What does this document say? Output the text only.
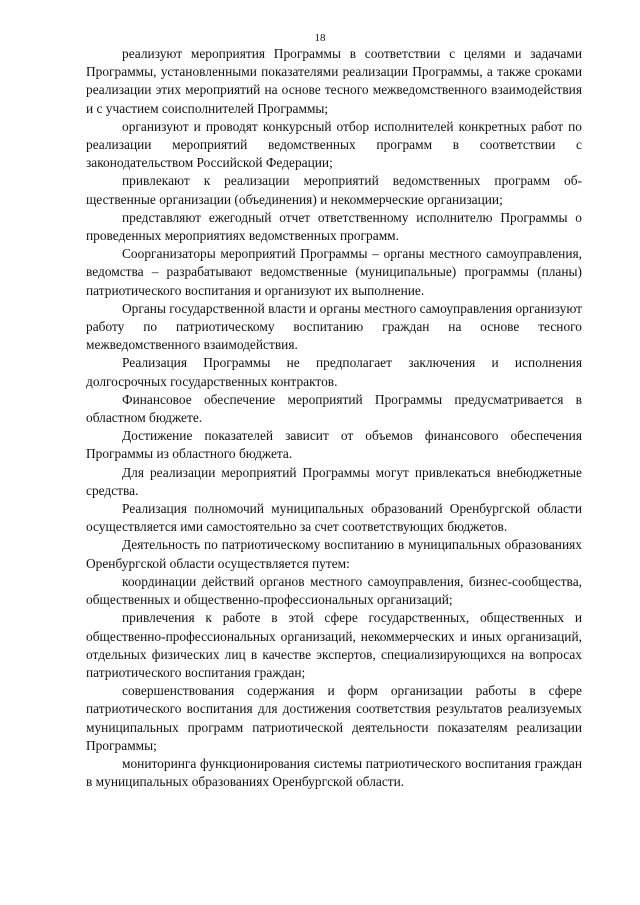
18

реализуют мероприятия Программы в соответствии с целями и задачами Программы, установленными показателями реализации Программы, а также сроками реализации этих мероприятий на основе тесного межведомственного взаимодействия и с участием соисполнителей Программы;

организуют и проводят конкурсный отбор исполнителей конкретных работ по реализации мероприятий ведомственных программ в соответствии с законодательством Российской Федерации;

привлекают к реализации мероприятий ведомственных программ общественные организации (объединения) и некоммерческие организации;

представляют ежегодный отчет ответственному исполнителю Программы о проведенных мероприятиях ведомственных программ.

Соорганизаторы мероприятий Программы – органы местного самоуправления, ведомства – разрабатывают ведомственные (муниципальные) программы (планы) патриотического воспитания и организуют их выполнение.

Органы государственной власти и органы местного самоуправления организуют работу по патриотическому воспитанию граждан на основе тесного межведомственного взаимодействия.

Реализация Программы не предполагает заключения и исполнения долгосрочных государственных контрактов.

Финансовое обеспечение мероприятий Программы предусматривается в областном бюджете.

Достижение показателей зависит от объемов финансового обеспечения Программы из областного бюджета.

Для реализации мероприятий Программы могут привлекаться внебюджетные средства.

Реализация полномочий муниципальных образований Оренбургской области осуществляется ими самостоятельно за счет соответствующих бюджетов.

Деятельность по патриотическому воспитанию в муниципальных образованиях Оренбургской области осуществляется путем:

координации действий органов местного самоуправления, бизнес-сообщества, общественных и общественно-профессиональных организаций;

привлечения к работе в этой сфере государственных, общественных и общественно-профессиональных организаций, некоммерческих и иных организаций, отдельных физических лиц в качестве экспертов, специализирующихся на вопросах патриотического воспитания граждан;

совершенствования содержания и форм организации работы в сфере патриотического воспитания для достижения соответствия результатов реализуемых муниципальных программ патриотической деятельности показателям реализации Программы;

мониторинга функционирования системы патриотического воспитания граждан в муниципальных образованиях Оренбургской области.
